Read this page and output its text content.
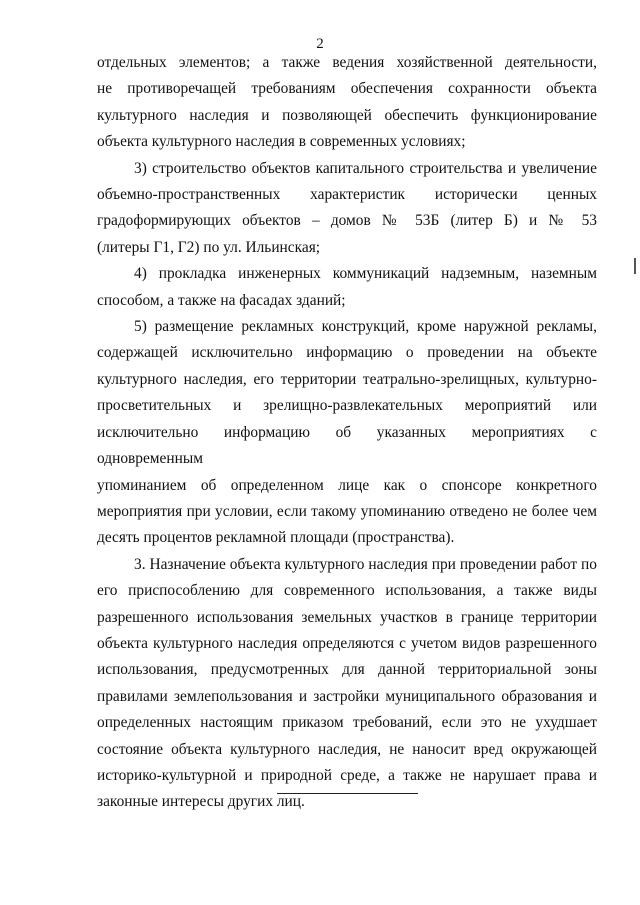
2

отдельных элементов; а также ведения хозяйственной деятельности,

не противоречащей требованиям обеспечения сохранности объекта

культурного наследия и позволяющей обеспечить функционирование

объекта культурного наследия в современных условиях;

3) строительство объектов капитального строительства и увеличение

объемно-пространственных характеристик исторически ценных

градоформирующих объектов – домов № 53Б (литер Б) и № 53

(литеры Г1, Г2) по ул. Ильинская;

4) прокладка инженерных коммуникаций надземным, наземным

способом, а также на фасадах зданий;

5) размещение рекламных конструкций, кроме наружной рекламы,

содержащей исключительно информацию о проведении на объекте

культурного наследия, его территории театрально-зрелищных, культурно-

просветительных и зрелищно-развлекательных мероприятий или

исключительно информацию об указанных мероприятиях с одновременным

упоминанием об определенном лице как о спонсоре конкретного

мероприятия при условии, если такому упоминанию отведено не более чем

десять процентов рекламной площади (пространства).

3. Назначение объекта культурного наследия при проведении работ по

его приспособлению для современного использования, а также виды

разрешенного использования земельных участков в границе территории

объекта культурного наследия определяются с учетом видов разрешенного

использования, предусмотренных для данной территориальной зоны

правилами землепользования и застройки муниципального образования и

определенных настоящим приказом требований, если это не ухудшает

состояние объекта культурного наследия, не наносит вред окружающей

историко-культурной и природной среде, а также не нарушает права и

законные интересы других лиц.
